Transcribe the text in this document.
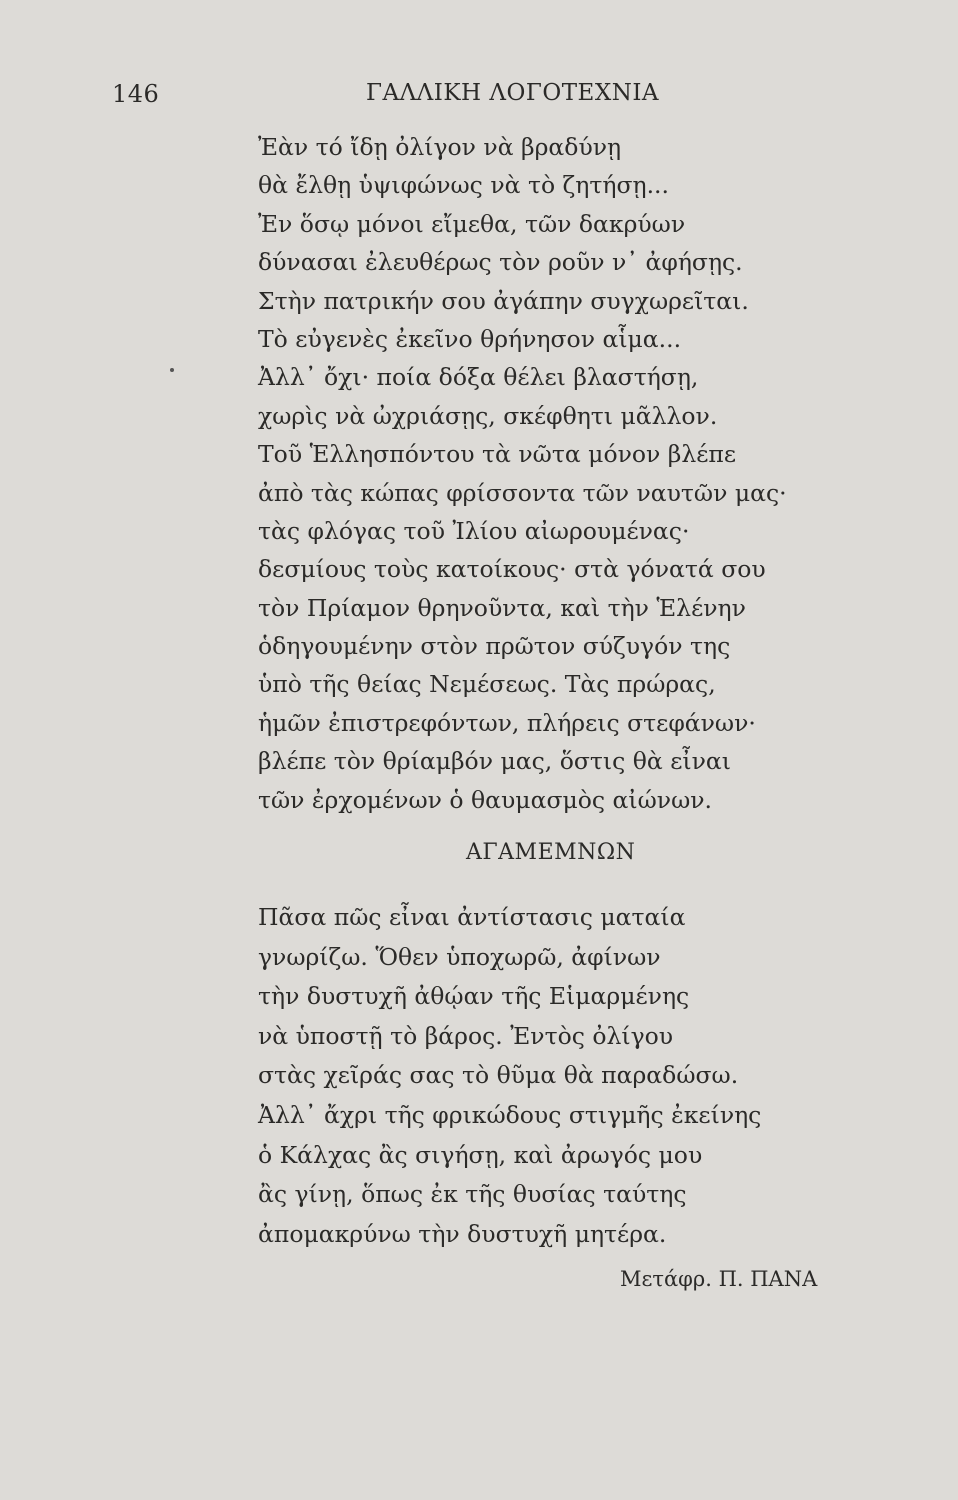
146	ΓΑΛΛΙΚΗ ΛΟΓΟΤΕΧΝΙΑ
Ἐὰν τό ἴδῃ ὀλίγον νὰ βραδύνῃ
θὰ ἔλθῃ ὑψιφώνως νὰ τὸ ζητήσῃ...
Ἐν ὅσῳ μόνοι εἴμεθα, τῶν δακρύων
δύνασαι ἐλευθέρως τὸν ροῦν ν᾿ ἀφήσῃς.
Στὴν πατρικήν σου ἀγάπην συγχωρεῖται.
Τὸ εὐγενὲς ἐκεῖνο θρήνησον αἷμα...
Ἀλλ᾿ ὄχι· ποία δόξα θέλει βλαστήσῃ,
χωρὶς νὰ ὠχριάσῃς, σκέφθητι μᾶλλον.
Τοῦ Ἑλλησπόντου τὰ νῶτα μόνον βλέπε
ἀπὸ τὰς κώπας φρίσσοντα τῶν ναυτῶν μας·
τὰς φλόγας τοῦ Ἰλίου αἰωρουμένας·
δεσμίους τοὺς κατοίκους· στὰ γόνατά σου
τὸν Πρίαμον θρηνοῦντα, καὶ τὴν Ἑλένην
ὁδηγουμένην στὸν πρῶτον σύζυγόν της
ὑπὸ τῆς θείας Νεμέσεως. Τὰς πρώρας,
ἡμῶν ἐπιστρεφόντων, πλήρεις στεφάνων·
βλέπε τὸν θρίαμβόν μας, ὅστις θὰ εἶναι
τῶν ἐρχομένων ὁ θαυμασμὸς αἰώνων.
ΑΓΑΜΕΜΝΩΝ
Πᾶσα πῶς εἶναι ἀντίστασις ματαία
γνωρίζω. Ὅθεν ὑποχωρῶ, ἀφίνων
τὴν δυστυχῆ ἀθῴαν τῆς Εἱμαρμένης
νὰ ὑποστῇ τὸ βάρος. Ἐντὸς ὀλίγου
στὰς χεῖράς σας τὸ θῦμα θὰ παραδώσω.
Ἀλλ᾿ ἄχρι τῆς φρικώδους στιγμῆς ἐκείνης
ὁ Κάλχας ἂς σιγήσῃ, καὶ ἀρωγός μου
ἂς γίνῃ, ὅπως ἐκ τῆς θυσίας ταύτης
ἀπομακρύνω τὴν δυστυχῆ μητέρα.
Μετάφρ. Π. ΠΑΝΑ
